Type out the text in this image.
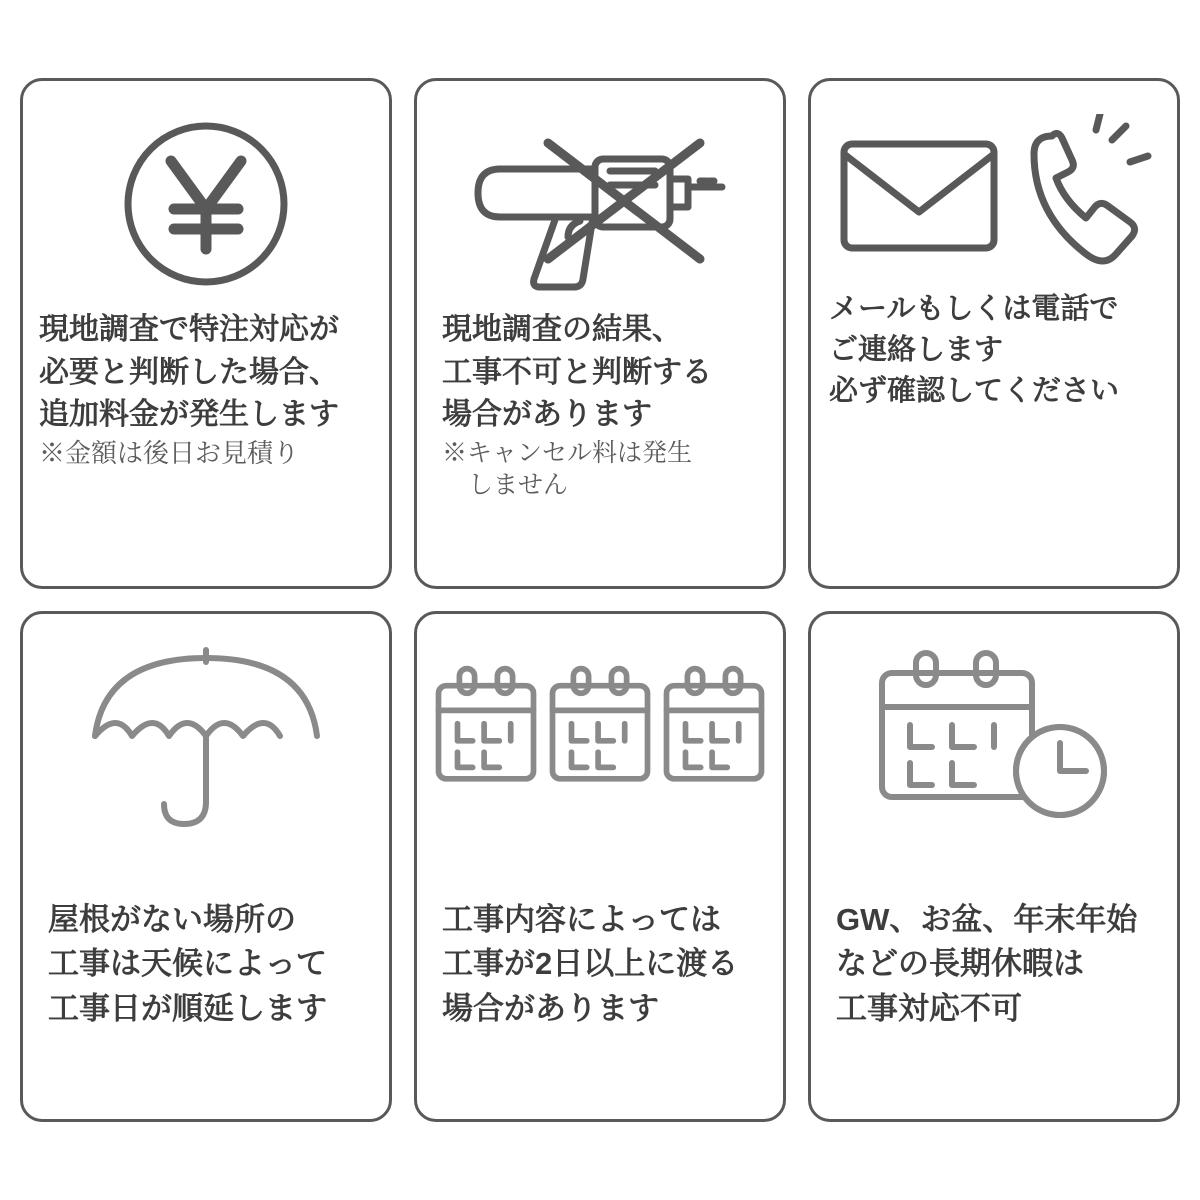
現地調査で特注対応が
必要と判断した場合、
追加料金が発生します
※金額は後日お見積り
現地調査の結果、
工事不可と判断する
場合があります
※キャンセル料は発生
しません
メールもしくは電話で
ご連絡します
必ず確認してください
屋根がない場所の
工事は天候によって
工事日が順延します
工事内容によっては
工事が2日以上に渡る
場合があります
GW、お盆、年末年始
などの長期休暇は
工事対応不可
